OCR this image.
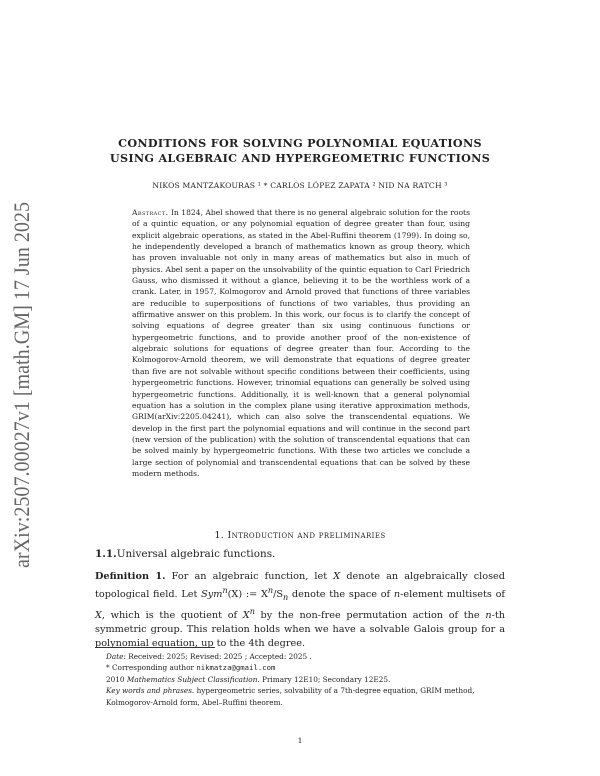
arXiv:2507.00027v1 [math.GM] 17 Jun 2025
CONDITIONS FOR SOLVING POLYNOMIAL EQUATIONS USING ALGEBRAIC AND HYPERGEOMETRIC FUNCTIONS
NIKOS MANTZAKOURAS ¹ * CARLOS LÓPEZ ZAPATA ² NID NA RATCH ³
Abstract. In 1824, Abel showed that there is no general algebraic solution for the roots of a quintic equation, or any polynomial equation of degree greater than four, using explicit algebraic operations, as stated in the Abel-Ruffini theorem (1799). In doing so, he independently developed a branch of mathematics known as group theory, which has proven invaluable not only in many areas of mathematics but also in much of physics. Abel sent a paper on the unsolvability of the quintic equation to Carl Friedrich Gauss, who dismissed it without a glance, believing it to be the worthless work of a crank. Later, in 1957, Kolmogorov and Arnold proved that functions of three variables are reducible to superpositions of functions of two variables, thus providing an affirmative answer on this problem. In this work, our focus is to clarify the concept of solving equations of degree greater than six using continuous functions or hypergeometric functions, and to provide another proof of the non-existence of algebraic solutions for equations of degree greater than four. According to the Kolmogorov-Arnold theorem, we will demonstrate that equations of degree greater than five are not solvable without specific conditions between their coefficients, using hypergeometric functions. However, trinomial equations can generally be solved using hypergeometric functions. Additionally, it is well-known that a general polynomial equation has a solution in the complex plane using iterative approximation methods, GRIM(arXiv:2205.04241), which can also solve the transcendental equations. We develop in the first part the polynomial equations and will continue in the second part (new version of the publication) with the solution of transcendental equations that can be solved mainly by hypergeometric functions. With these two articles we conclude a large section of polynomial and transcendental equations that can be solved by these modern methods.
1. Introduction and preliminaries
1.1.Universal algebraic functions.
Definition 1. For an algebraic function, let X denote an algebraically closed topological field. Let Sym$^n$(X) := $X^n/S_n$ denote the space of n-element multisets of X, which is the quotient of $X^n$ by the non-free permutation action of the n-th symmetric group. This relation holds when we have a solvable Galois group for a polynomial equation, up to the 4th degree.

Date: Received: 2025; Revised: 2025 ; Accepted: 2025 .

* Corresponding author nikmatza@gmail.com

2010 Mathematics Subject Classification. Primary 12E10; Secondary 12E25.

Key words and phrases. hypergeometric series, solvability of a 7th-degree equation, GRIM method, Kolmogorov-Arnold form, Abel–Ruffini theorem.

1
